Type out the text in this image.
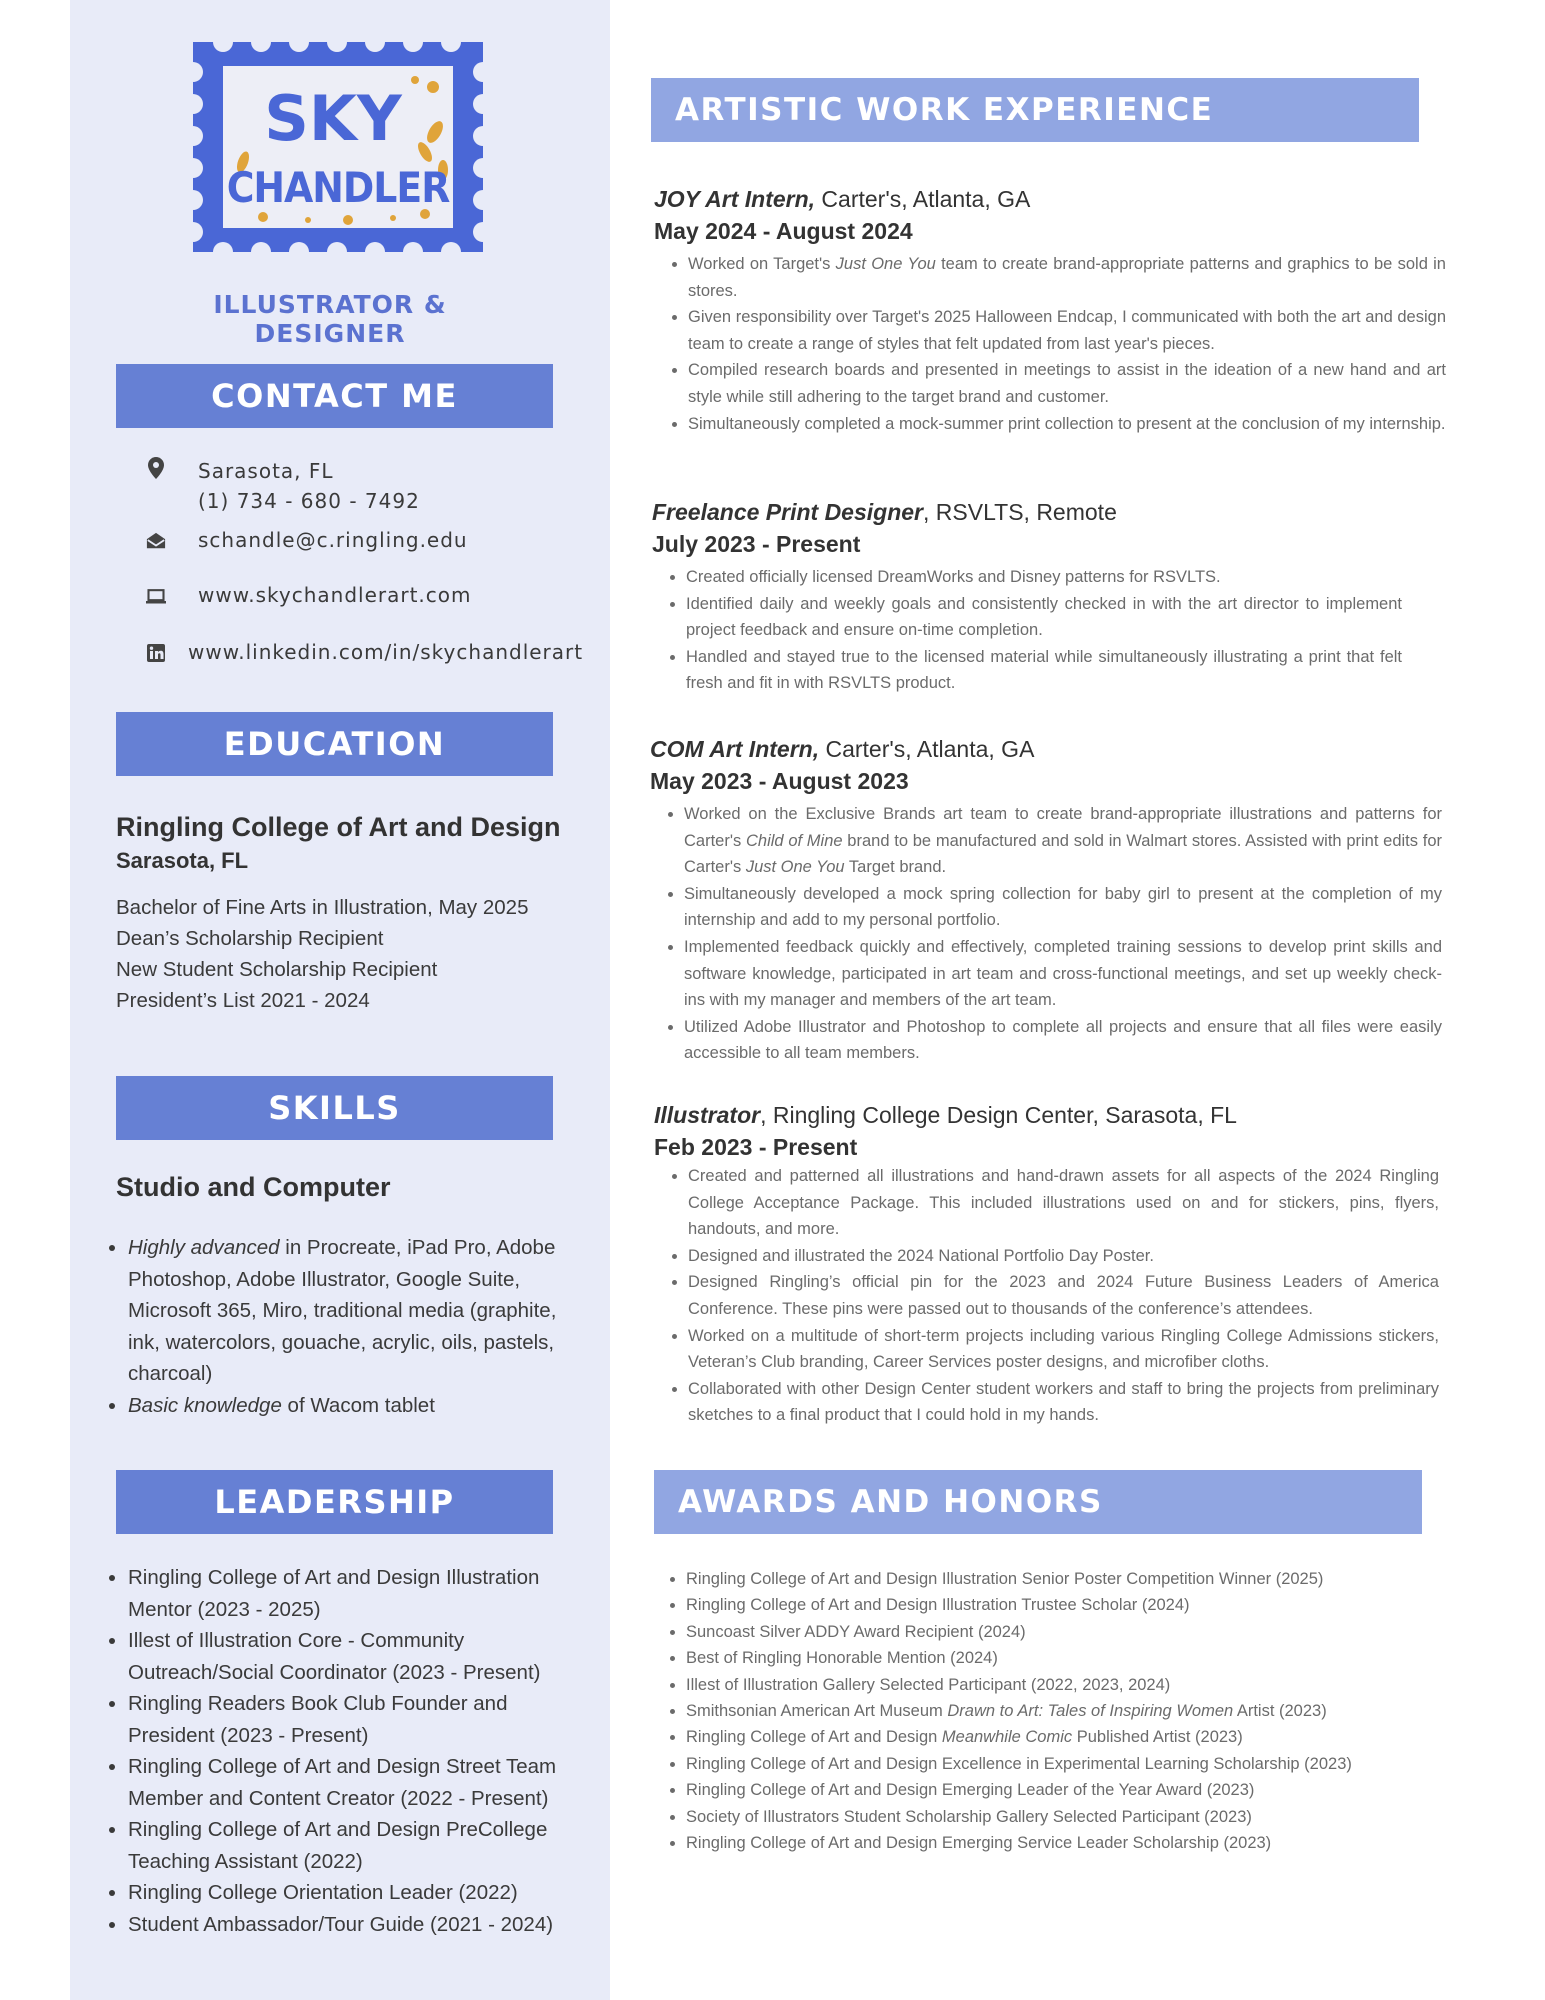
SKY
CHANDLER
ILLUSTRATOR & DESIGNER
CONTACT ME
Sarasota, FL
(1) 734 - 680 - 7492
schandle@c.ringling.edu
www.skychandlerart.com
www.linkedin.com/in/skychandlerart
EDUCATION
Ringling College of Art and Design
Sarasota, FL
Bachelor of Fine Arts in Illustration, May 2025
Dean’s Scholarship Recipient
New Student Scholarship Recipient
President’s List 2021 - 2024
SKILLS
Studio and Computer
• Highly advanced in Procreate, iPad Pro, Adobe Photoshop, Adobe Illustrator, Google Suite, Microsoft 365, Miro, traditional media (graphite, ink, watercolors, gouache, acrylic, oils, pastels, charcoal)
• Basic knowledge of Wacom tablet
LEADERSHIP
• Ringling College of Art and Design Illustration Mentor (2023 - 2025)
• Illest of Illustration Core - Community Outreach/Social Coordinator (2023 - Present)
• Ringling Readers Book Club Founder and President (2023 - Present)
• Ringling College of Art and Design Street Team Member and Content Creator (2022 - Present)
• Ringling College of Art and Design PreCollege Teaching Assistant (2022)
• Ringling College Orientation Leader (2022)
• Student Ambassador/Tour Guide (2021 - 2024)
ARTISTIC WORK EXPERIENCE
JOY Art Intern, Carter's, Atlanta, GA
May 2024 - August 2024
• Worked on Target's Just One You team to create brand-appropriate patterns and graphics to be sold in stores.
• Given responsibility over Target's 2025 Halloween Endcap, I communicated with both the art and design team to create a range of styles that felt updated from last year's pieces.
• Compiled research boards and presented in meetings to assist in the ideation of a new hand and art style while still adhering to the target brand and customer.
• Simultaneously completed a mock-summer print collection to present at the conclusion of my internship.
Freelance Print Designer, RSVLTS, Remote
July 2023 - Present
• Created officially licensed DreamWorks and Disney patterns for RSVLTS.
• Identified daily and weekly goals and consistently checked in with the art director to implement project feedback and ensure on-time completion.
• Handled and stayed true to the licensed material while simultaneously illustrating a print that felt fresh and fit in with RSVLTS product.
COM Art Intern, Carter's, Atlanta, GA
May 2023 - August 2023
• Worked on the Exclusive Brands art team to create brand-appropriate illustrations and patterns for Carter's Child of Mine brand to be manufactured and sold in Walmart stores. Assisted with print edits for Carter's Just One You Target brand.
• Simultaneously developed a mock spring collection for baby girl to present at the completion of my internship and add to my personal portfolio.
• Implemented feedback quickly and effectively, completed training sessions to develop print skills and software knowledge, participated in art team and cross-functional meetings, and set up weekly check-ins with my manager and members of the art team.
• Utilized Adobe Illustrator and Photoshop to complete all projects and ensure that all files were easily accessible to all team members.
Illustrator, Ringling College Design Center, Sarasota, FL
Feb 2023 - Present
• Created and patterned all illustrations and hand-drawn assets for all aspects of the 2024 Ringling College Acceptance Package. This included illustrations used on and for stickers, pins, flyers, handouts, and more.
• Designed and illustrated the 2024 National Portfolio Day Poster.
• Designed Ringling’s official pin for the 2023 and 2024 Future Business Leaders of America Conference. These pins were passed out to thousands of the conference’s attendees.
• Worked on a multitude of short-term projects including various Ringling College Admissions stickers, Veteran’s Club branding, Career Services poster designs, and microfiber cloths.
• Collaborated with other Design Center student workers and staff to bring the projects from preliminary sketches to a final product that I could hold in my hands.
AWARDS AND HONORS
• Ringling College of Art and Design Illustration Senior Poster Competition Winner (2025)
• Ringling College of Art and Design Illustration Trustee Scholar (2024)
• Suncoast Silver ADDY Award Recipient (2024)
• Best of Ringling Honorable Mention (2024)
• Illest of Illustration Gallery Selected Participant (2022, 2023, 2024)
• Smithsonian American Art Museum Drawn to Art: Tales of Inspiring Women Artist (2023)
• Ringling College of Art and Design Meanwhile Comic Published Artist (2023)
• Ringling College of Art and Design Excellence in Experimental Learning Scholarship (2023)
• Ringling College of Art and Design Emerging Leader of the Year Award (2023)
• Society of Illustrators Student Scholarship Gallery Selected Participant (2023)
• Ringling College of Art and Design Emerging Service Leader Scholarship (2023)
